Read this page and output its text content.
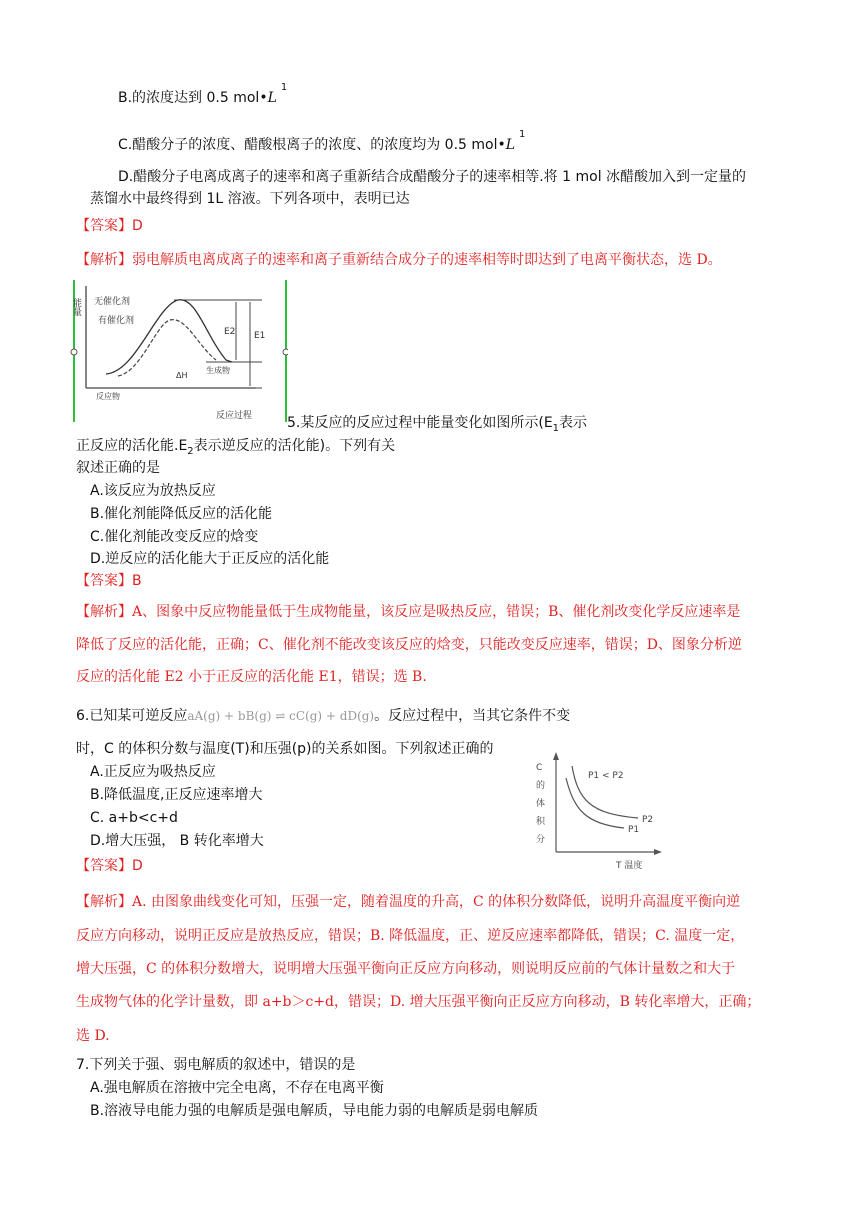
B.的浓度达到 0.5 $mol•L^1$
C.醋酸分子的浓度、醋酸根离子的浓度、的浓度均为 0.5 $mol•L^1$
D.醋酸分子电离成离子的速率和离子重新结合成醋酸分子的速率相等.将 1 mol 冰醋酸加入到一定量的
蒸馏水中最终得到 1L 溶液。下列各项中，表明已达
【答案】D
【解析】弱电解质电离成离子的速率和离子重新结合成分子的速率相等时即达到了电离平衡状态，选 D。
能量 无催化剂
有催化剂
E2 E1
ΔH
生成物
反应物
反应过程 5.某反应的反应过程中能量变化如图所示($E_1$表示
正反应的活化能$.E_2$表示逆反应的活化能)。下列有关
叙述正确的是
A.该反应为放热反应
B.催化剂能降低反应的活化能
C.催化剂能改变反应的焓变
D.逆反应的活化能大于正反应的活化能
【答案】B
【解析】A、图象中反应物能量低于生成物能量，该反应是吸热反应，错误；B、催化剂改变化学反应速率是
降低了反应的活化能，正确；C、催化剂不能改变该反应的焓变，只能改变反应速率，错误；D、图象分析逆
反应的活化能 E2 小于正反应的活化能 E1，错误；选 B.
6.已知某可逆反应aA(g) + bB(g) ⇌ cC(g) + dD(g)。反应过程中，当其它条件不变
时，C 的体积分数与温度(T)和压强(p)的关系如图。下列叙述正确的
A.正反应为吸热反应
B.降低温度,正反应速率增大
C. a+b<c+d
D.增大压强， B 转化率增大
【答案】D
C
的
体
积
分
P1 < P2
P2
P1
T 温度
【解析】A. 由图象曲线变化可知，压强一定，随着温度的升高，C 的体积分数降低，说明升高温度平衡向逆
反应方向移动，说明正反应是放热反应，错误；B. 降低温度，正、逆反应速率都降低，错误；C. 温度一定，
增大压强，C 的体积分数增大，说明增大压强平衡向正反应方向移动，则说明反应前的气体计量数之和大于
生成物气体的化学计量数，即 a+b＞c+d，错误；D. 增大压强平衡向正反应方向移动，B 转化率增大，正确；
选 D.
7.下列关于强、弱电解质的叙述中，错误的是
A.强电解质在溶掖中完全电离，不存在电离平衡
B.溶液导电能力强的电解质是强电解质，导电能力弱的电解质是弱电解质
